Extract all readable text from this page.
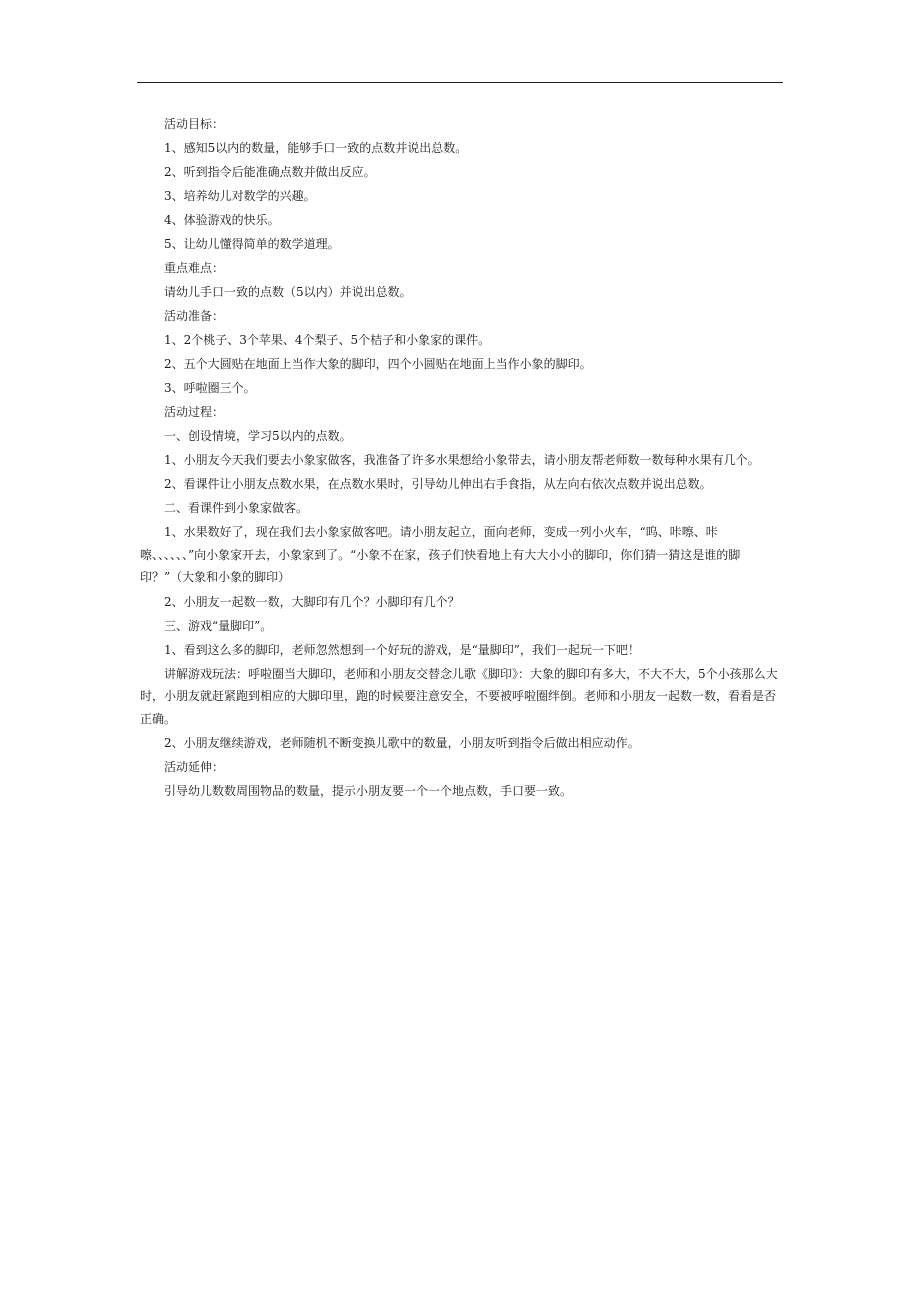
活动目标：

1、感知5以内的数量，能够手口一致的点数并说出总数。

2、听到指令后能准确点数并做出反应。

3、培养幼儿对数学的兴趣。

4、体验游戏的快乐。

5、让幼儿懂得简单的数学道理。

重点难点：

请幼儿手口一致的点数（5以内）并说出总数。

活动准备：

1、2个桃子、3个苹果、4个梨子、5个桔子和小象家的课件。

2、五个大圆贴在地面上当作大象的脚印，四个小圆贴在地面上当作小象的脚印。

3、呼啦圈三个。

活动过程：

一、创设情境，学习5以内的点数。

1、小朋友今天我们要去小象家做客，我准备了许多水果想给小象带去，请小朋友帮老师数一数每种水果有几个。

2、看课件让小朋友点数水果，在点数水果时，引导幼儿伸出右手食指，从左向右依次点数并说出总数。

二、看课件到小象家做客。

1、水果数好了，现在我们去小象家做客吧。请小朋友起立，面向老师，变成一列小火车，“呜、咔嚓、咔嚓、、、、、、”向小象家开去，小象家到了。“小象不在家，孩子们快看地上有大大小小的脚印，你们猜一猜这是谁的脚印？”（大象和小象的脚印）

2、小朋友一起数一数，大脚印有几个？小脚印有几个？

三、游戏“量脚印”。

1、看到这么多的脚印，老师忽然想到一个好玩的游戏，是“量脚印”，我们一起玩一下吧！

讲解游戏玩法：呼啦圈当大脚印，老师和小朋友交替念儿歌《脚印》：大象的脚印有多大，不大不大，5个小孩那么大时，小朋友就赶紧跑到相应的大脚印里，跑的时候要注意安全，不要被呼啦圈绊倒。老师和小朋友一起数一数，看看是否正确。

2、小朋友继续游戏，老师随机不断变换儿歌中的数量，小朋友听到指令后做出相应动作。

活动延伸：

引导幼儿数数周围物品的数量，提示小朋友要一个一个地点数，手口要一致。
